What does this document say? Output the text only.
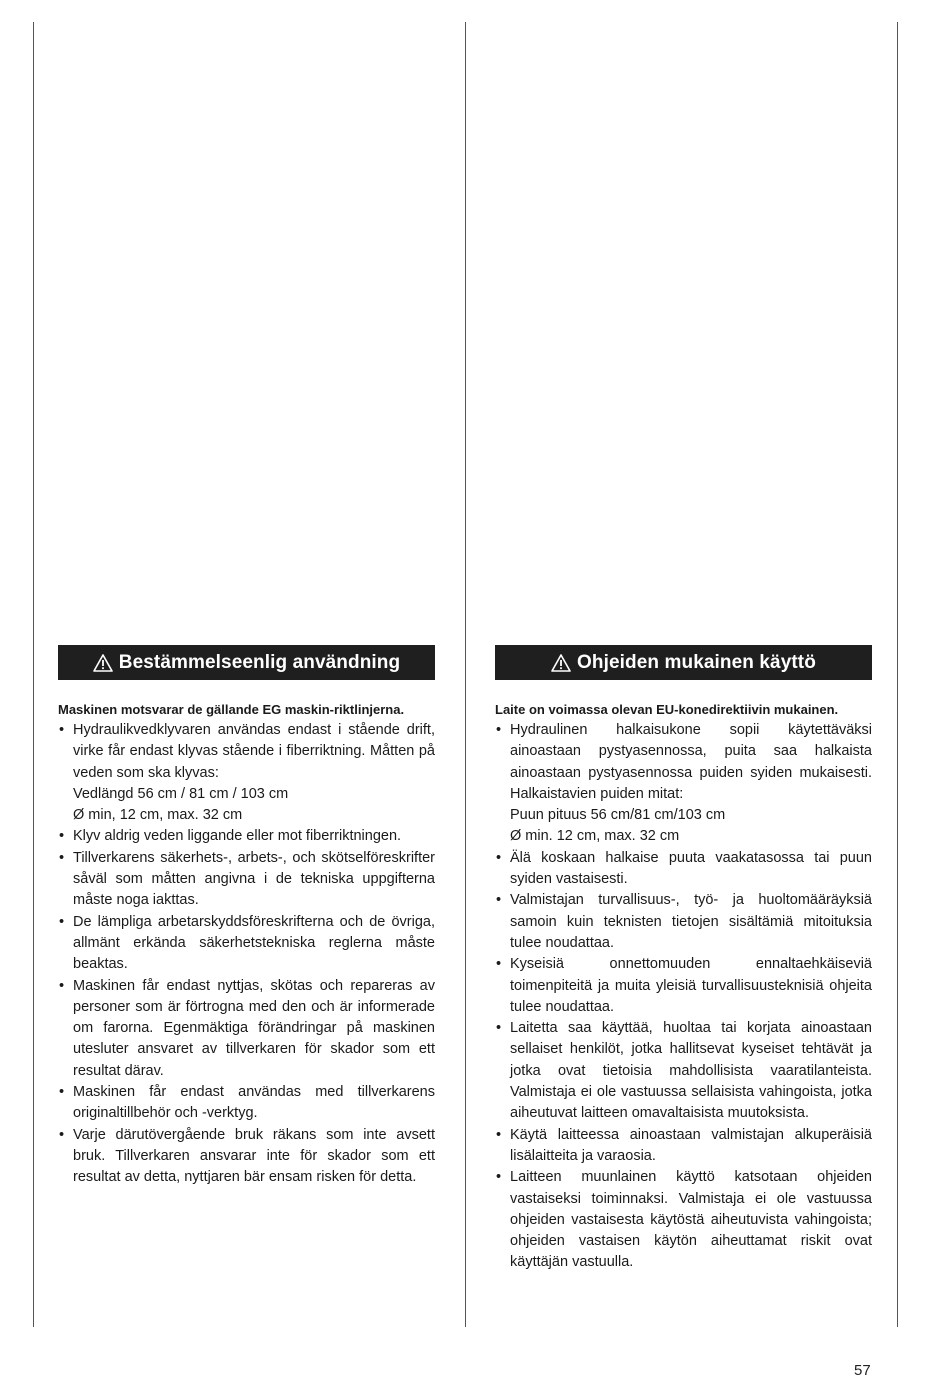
Bestämmelseenlig användning
Maskinen motsvarar de gällande EG maskin-riktlinjerna.
• Hydraulikvedklyvaren användas endast i stående drift, virke får endast klyvas stående i fiberriktning. Måtten på veden som ska klyvas:
Vedlängd 56 cm / 81 cm / 103 cm
Ø min, 12 cm, max. 32 cm
• Klyv aldrig veden liggande eller mot fiberriktningen.
• Tillverkarens säkerhets-, arbets-, och skötselföreskrifter såväl som måtten angivna i de tekniska uppgifterna måste noga iakttas.
• De lämpliga arbetarskyddsföreskrifterna och de övriga, allmänt erkända säkerhetstekniska reglerna måste beaktas.
• Maskinen får endast nyttjas, skötas och repareras av personer som är förtrogna med den och är informerade om farorna. Egenmäktiga förändringar på maskinen utesluter ansvaret av tillverkaren för skador som ett resultat därav.
• Maskinen får endast användas med tillverkarens originaltillbehör och -verktyg.
• Varje därutövergående bruk räkans som inte avsett bruk. Tillverkaren ansvarar inte för skador som ett resultat av detta, nyttjaren bär ensam risken för detta.
Ohjeiden mukainen käyttö
Laite on voimassa olevan EU-konedirektiivin mukainen.
• Hydraulinen halkaisukone sopii käytettäväksi ainoastaan pystyasennossa, puita saa halkaista ainoastaan pystyasennossa puiden syiden mukaisesti. Halkaistavien puiden mitat:
Puun pituus 56 cm/81 cm/103 cm
Ø min. 12 cm, max. 32 cm
• Älä koskaan halkaise puuta vaakatasossa tai puun syiden vastaisesti.
• Valmistajan turvallisuus-, työ- ja huoltomääräyksiä samoin kuin teknisten tietojen sisältämiä mitoituksia tulee noudattaa.
• Kyseisiä onnettomuuden ennaltaehkäiseviä toimenpiteitä ja muita yleisiä turvallisuusteknisiä ohjeita tulee noudattaa.
• Laitetta saa käyttää, huoltaa tai korjata ainoastaan sellaiset henkilöt, jotka hallitsevat kyseiset tehtävät ja jotka ovat tietoisia mahdollisista vaaratilanteista. Valmistaja ei ole vastuussa sellaisista vahingoista, jotka aiheutuvat laitteen omavaltaisista muutoksista.
• Käytä laitteessa ainoastaan valmistajan alkuperäisiä lisälaitteita ja varaosia.
• Laitteen muunlainen käyttö katsotaan ohjeiden vastaiseksi toiminnaksi. Valmistaja ei ole vastuussa ohjeiden vastaisesta käytöstä aiheutuvista vahingoista; ohjeiden vastaisen käytön aiheuttamat riskit ovat käyttäjän vastuulla.
57
